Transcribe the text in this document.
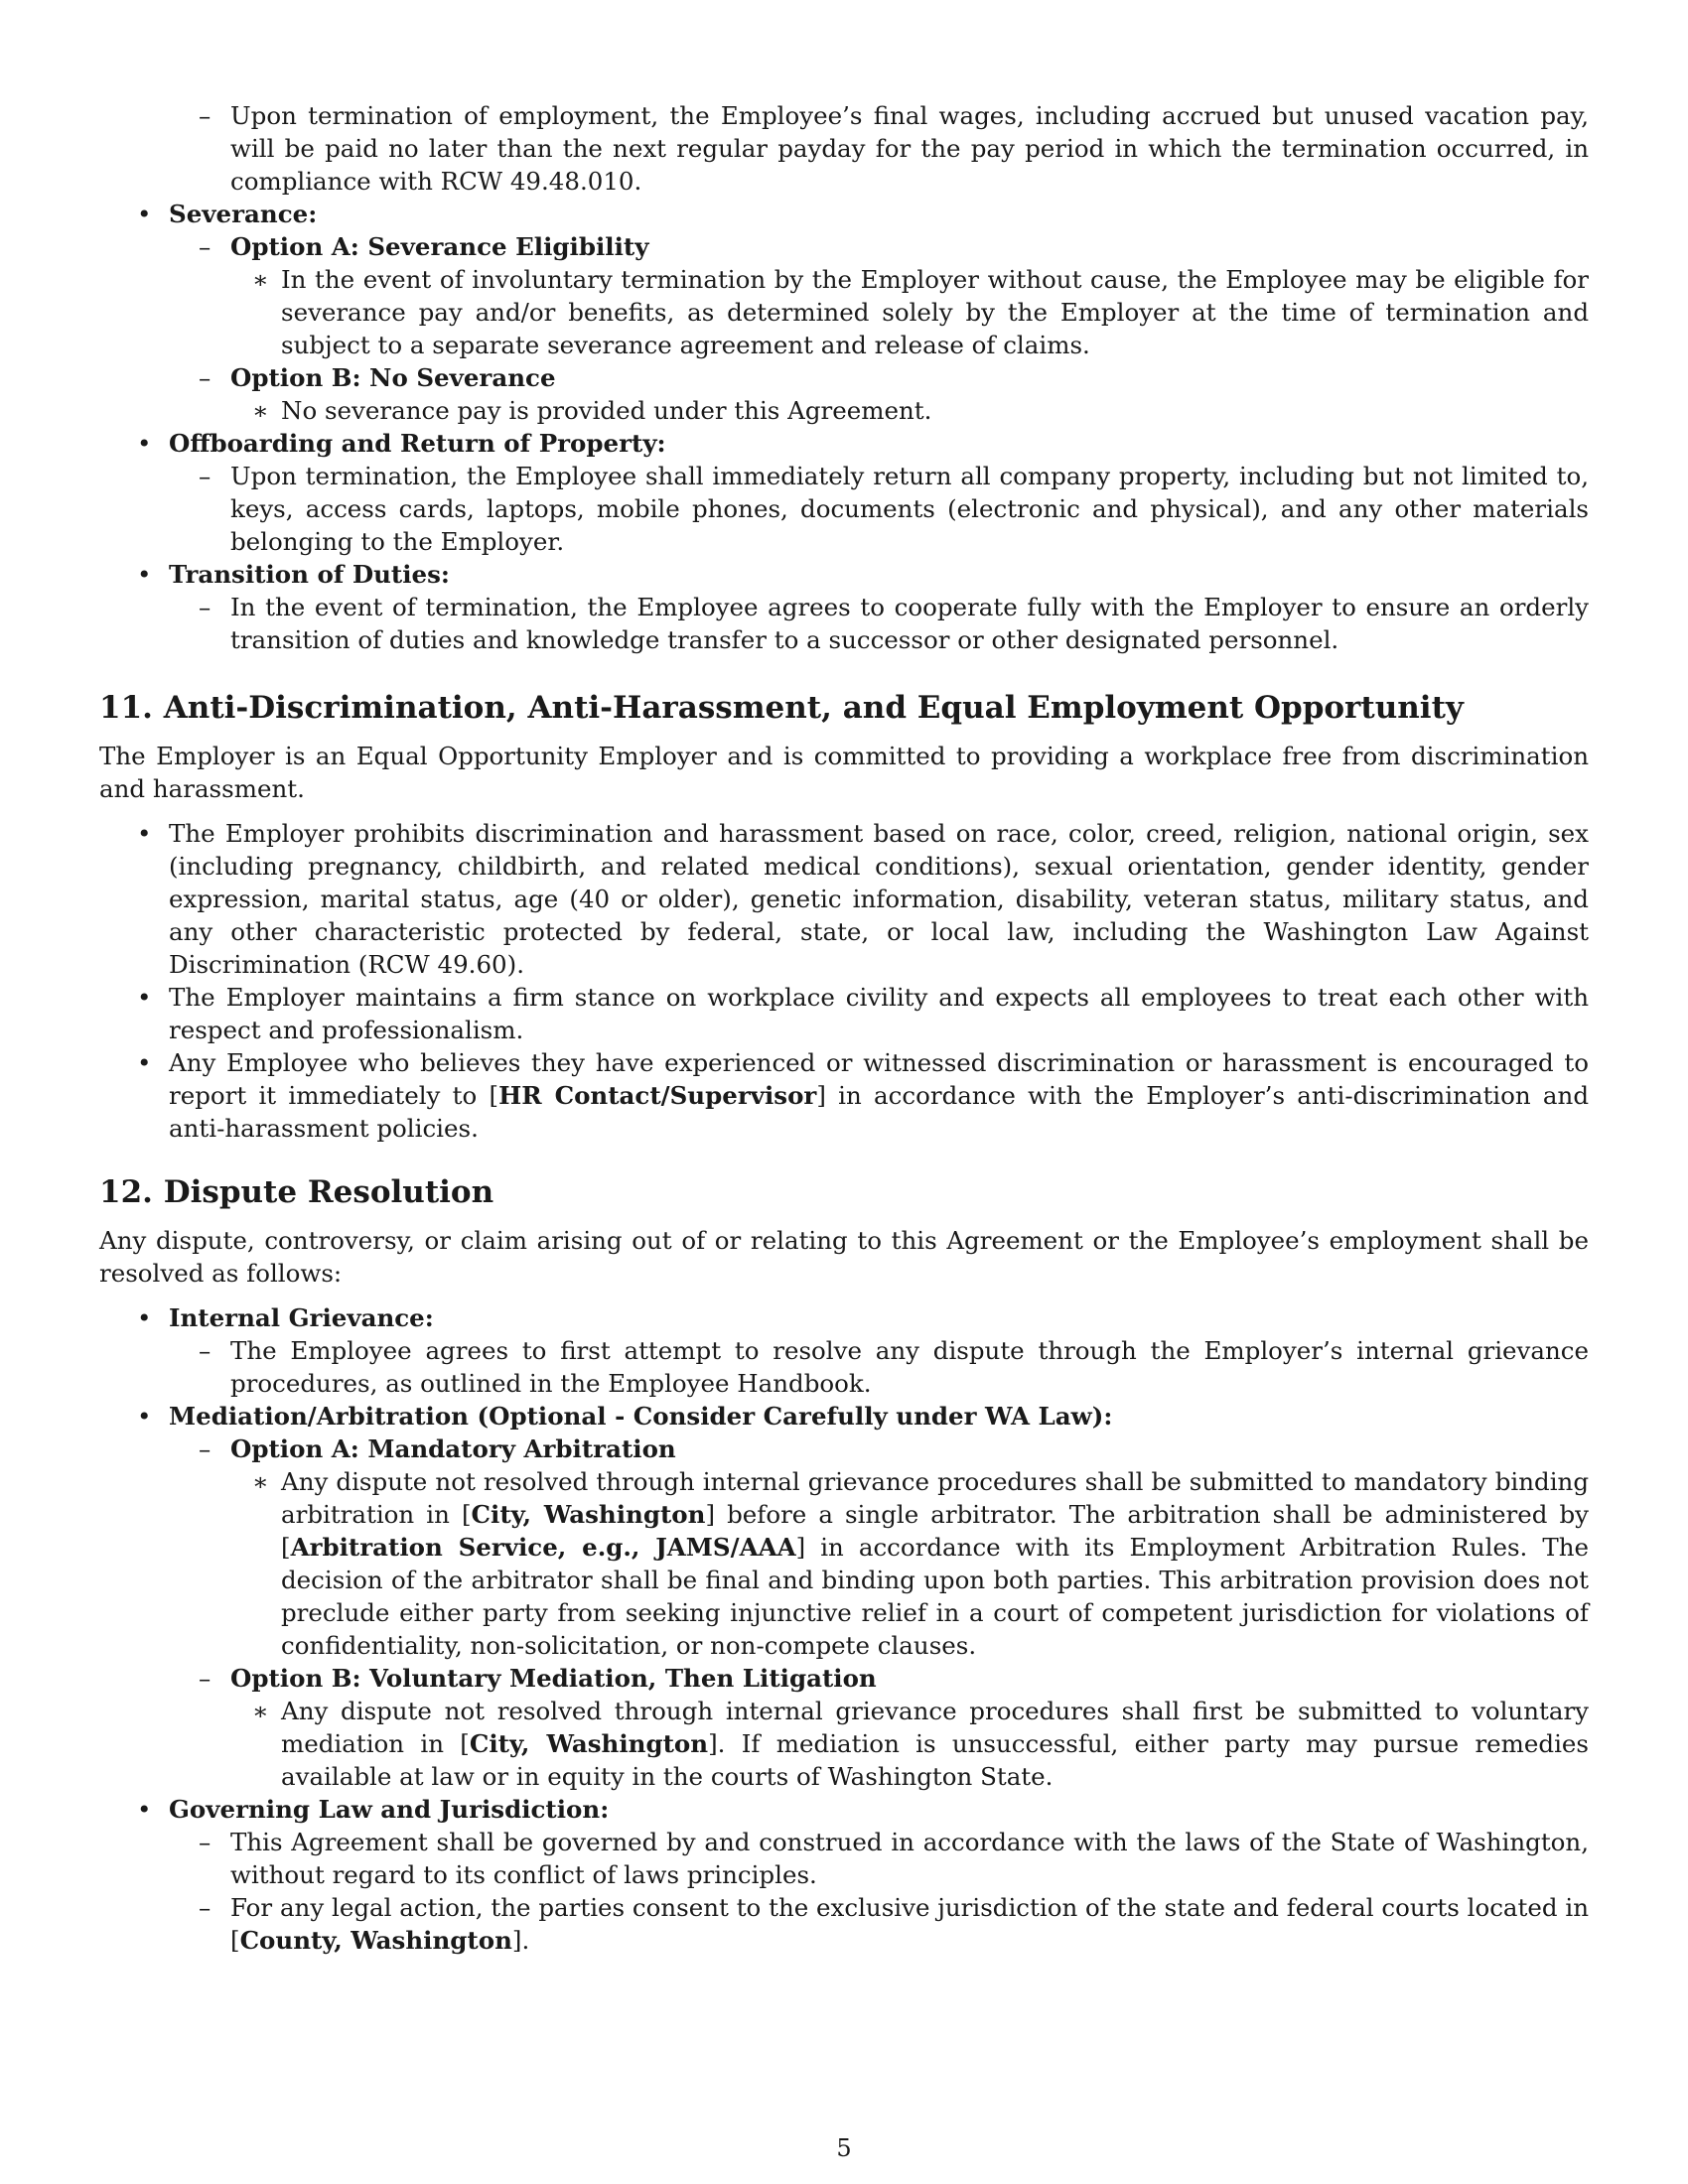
– Upon termination of employment, the Employee’s final wages, including accrued but unused vacation pay, will be paid no later than the next regular payday for the pay period in which the termination occurred, in compliance with RCW 49.48.010.
• Severance:
– Option A: Severance Eligibility
∗ In the event of involuntary termination by the Employer without cause, the Employee may be eligible for severance pay and/or benefits, as determined solely by the Employer at the time of termination and subject to a separate severance agreement and release of claims.
– Option B: No Severance
∗ No severance pay is provided under this Agreement.
• Offboarding and Return of Property:
– Upon termination, the Employee shall immediately return all company property, including but not limited to, keys, access cards, laptops, mobile phones, documents (electronic and physical), and any other materials belonging to the Employer.
• Transition of Duties:
– In the event of termination, the Employee agrees to cooperate fully with the Employer to ensure an orderly transition of duties and knowledge transfer to a successor or other designated personnel.
11. Anti-Discrimination, Anti-Harassment, and Equal Employment Opportunity

The Employer is an Equal Opportunity Employer and is committed to providing a workplace free from discrimination and harassment.

• The Employer prohibits discrimination and harassment based on race, color, creed, religion, national origin, sex (including pregnancy, childbirth, and related medical conditions), sexual orientation, gender identity, gender expression, marital status, age (40 or older), genetic information, disability, veteran status, military status, and any other characteristic protected by federal, state, or local law, including the Washington Law Against Discrimination (RCW 49.60).
• The Employer maintains a firm stance on workplace civility and expects all employees to treat each other with respect and professionalism.
• Any Employee who believes they have experienced or witnessed discrimination or harassment is encouraged to report it immediately to [HR Contact/Supervisor] in accordance with the Employer’s anti-discrimination and anti-harassment policies.
12. Dispute Resolution

Any dispute, controversy, or claim arising out of or relating to this Agreement or the Employee’s employment shall be resolved as follows:

• Internal Grievance:
– The Employee agrees to first attempt to resolve any dispute through the Employer’s internal grievance procedures, as outlined in the Employee Handbook.
• Mediation/Arbitration (Optional - Consider Carefully under WA Law):
– Option A: Mandatory Arbitration
∗ Any dispute not resolved through internal grievance procedures shall be submitted to mandatory binding arbitration in [City, Washington] before a single arbitrator. The arbitration shall be administered by [Arbitration Service, e.g., JAMS/AAA] in accordance with its Employment Arbitration Rules. The decision of the arbitrator shall be final and binding upon both parties. This arbitration provision does not preclude either party from seeking injunctive relief in a court of competent jurisdiction for violations of confidentiality, non-solicitation, or non-compete clauses.
– Option B: Voluntary Mediation, Then Litigation
∗ Any dispute not resolved through internal grievance procedures shall first be submitted to voluntary mediation in [City, Washington]. If mediation is unsuccessful, either party may pursue remedies available at law or in equity in the courts of Washington State.
• Governing Law and Jurisdiction:
– This Agreement shall be governed by and construed in accordance with the laws of the State of Washington, without regard to its conflict of laws principles.
– For any legal action, the parties consent to the exclusive jurisdiction of the state and federal courts located in [County, Washington].
5
